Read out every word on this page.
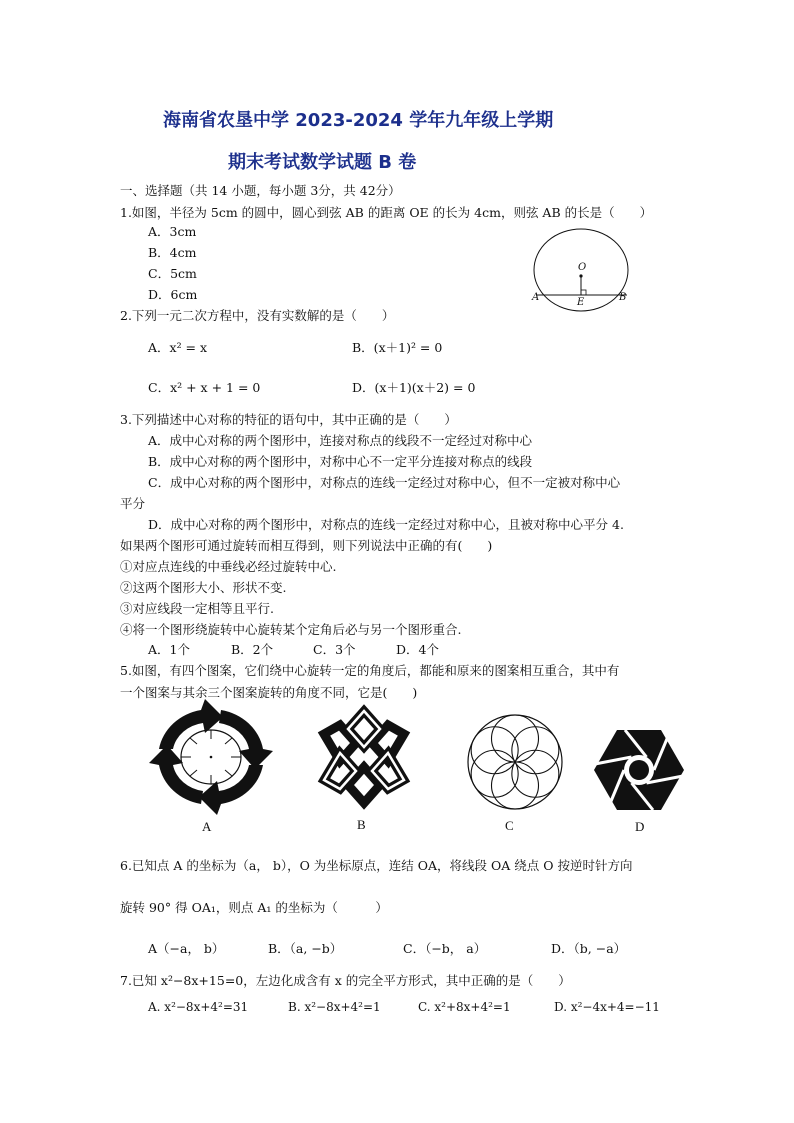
海南省农垦中学 2023-2024 学年九年级上学期
期末考试数学试题 B 卷
一、选择题（共 14 小题，每小题 3分，共 42分）
1.如图，半径为 5cm 的圆中，圆心到弦 AB 的距离 OE 的长为 4cm，则弦 AB 的长是（　　）
A．3cm
B．4cm
C．5cm
D．6cm
O
A	E	B
2.下列一元二次方程中，没有实数解的是（　　）
A．x² = x	B．(x＋1)² = 0
C．x² + x + 1 = 0	D．(x＋1)(x＋2) = 0
3.下列描述中心对称的特征的语句中，其中正确的是（　　）
A．成中心对称的两个图形中，连接对称点的线段不一定经过对称中心
B．成中心对称的两个图形中，对称中心不一定平分连接对称点的线段
C．成中心对称的两个图形中，对称点的连线一定经过对称中心，但不一定被对称中心
平分
D．成中心对称的两个图形中，对称点的连线一定经过对称中心，且被对称中心平分 4.
如果两个图形可通过旋转而相互得到，则下列说法中正确的有(　　)
①对应点连线的中垂线必经过旋转中心.
②这两个图形大小、形状不变.
③对应线段一定相等且平行.
④将一个图形绕旋转中心旋转某个定角后必与另一个图形重合.
A．1个	B．2个	C．3个	D．4个
5.如图，有四个图案，它们绕中心旋转一定的角度后，都能和原来的图案相互重合，其中有
一个图案与其余三个图案旋转的角度不同，它是(　　)
A	B	C	D
6.已知点 A 的坐标为（a， b），O 为坐标原点，连结 OA，将线段 OA 绕点 O 按逆时针方向
旋转 90° 得 OA₁，则点 A₁ 的坐标为（　　　）
A（−a， b）	B．（a, −b）	C．（−b， a）	D．（b, −a）
7.已知 x²−8x+15=0，左边化成含有 x 的完全平方形式，其中正确的是（　　）
A. x²−8x+4²=31	B. x²−8x+4²=1	C. x²+8x+4²=1	D. x²−4x+4=−11
